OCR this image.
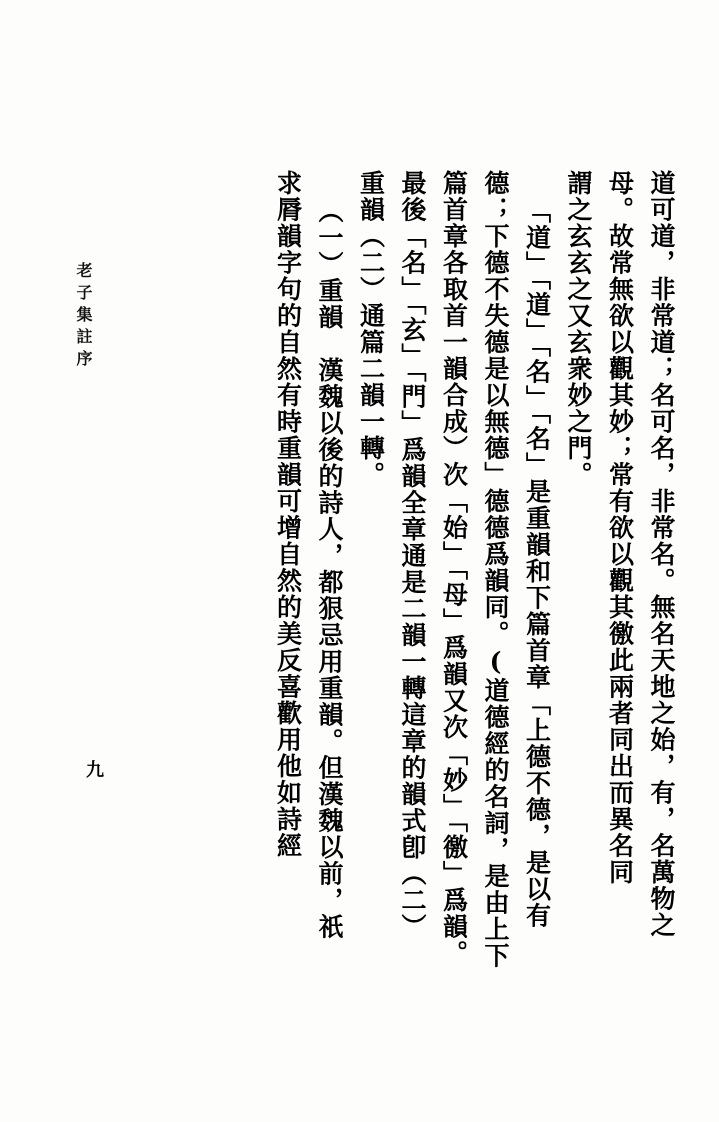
老子集註序
九	道可道，非常道；名可名，非常名。無名天地之始，有，名萬物之
母。故常無欲以觀其妙；常有欲以觀其徼此兩者同出而異名同
謂之玄玄之又玄衆妙之門。
「道」「道」「名」「名」是重韻和下篇首章「上德不德，是以有
德；下德不失德是以無德」德德爲韻同。(道德經的名詞，是由上下
篇首章各取首一韻合成）次「始」「母」爲韻又次「妙」「徼」爲韻。
最後「名」「玄」「門」爲韻全章通是二韻一轉這章的韻式卽（二）
重韻（二）通篇二韻一轉。
（一）重韻　漢魏以後的詩人，都狠忌用重韻。但漢魏以前，祇
求脣韻字句的自然有時重韻可增自然的美反喜歡用他如詩經
